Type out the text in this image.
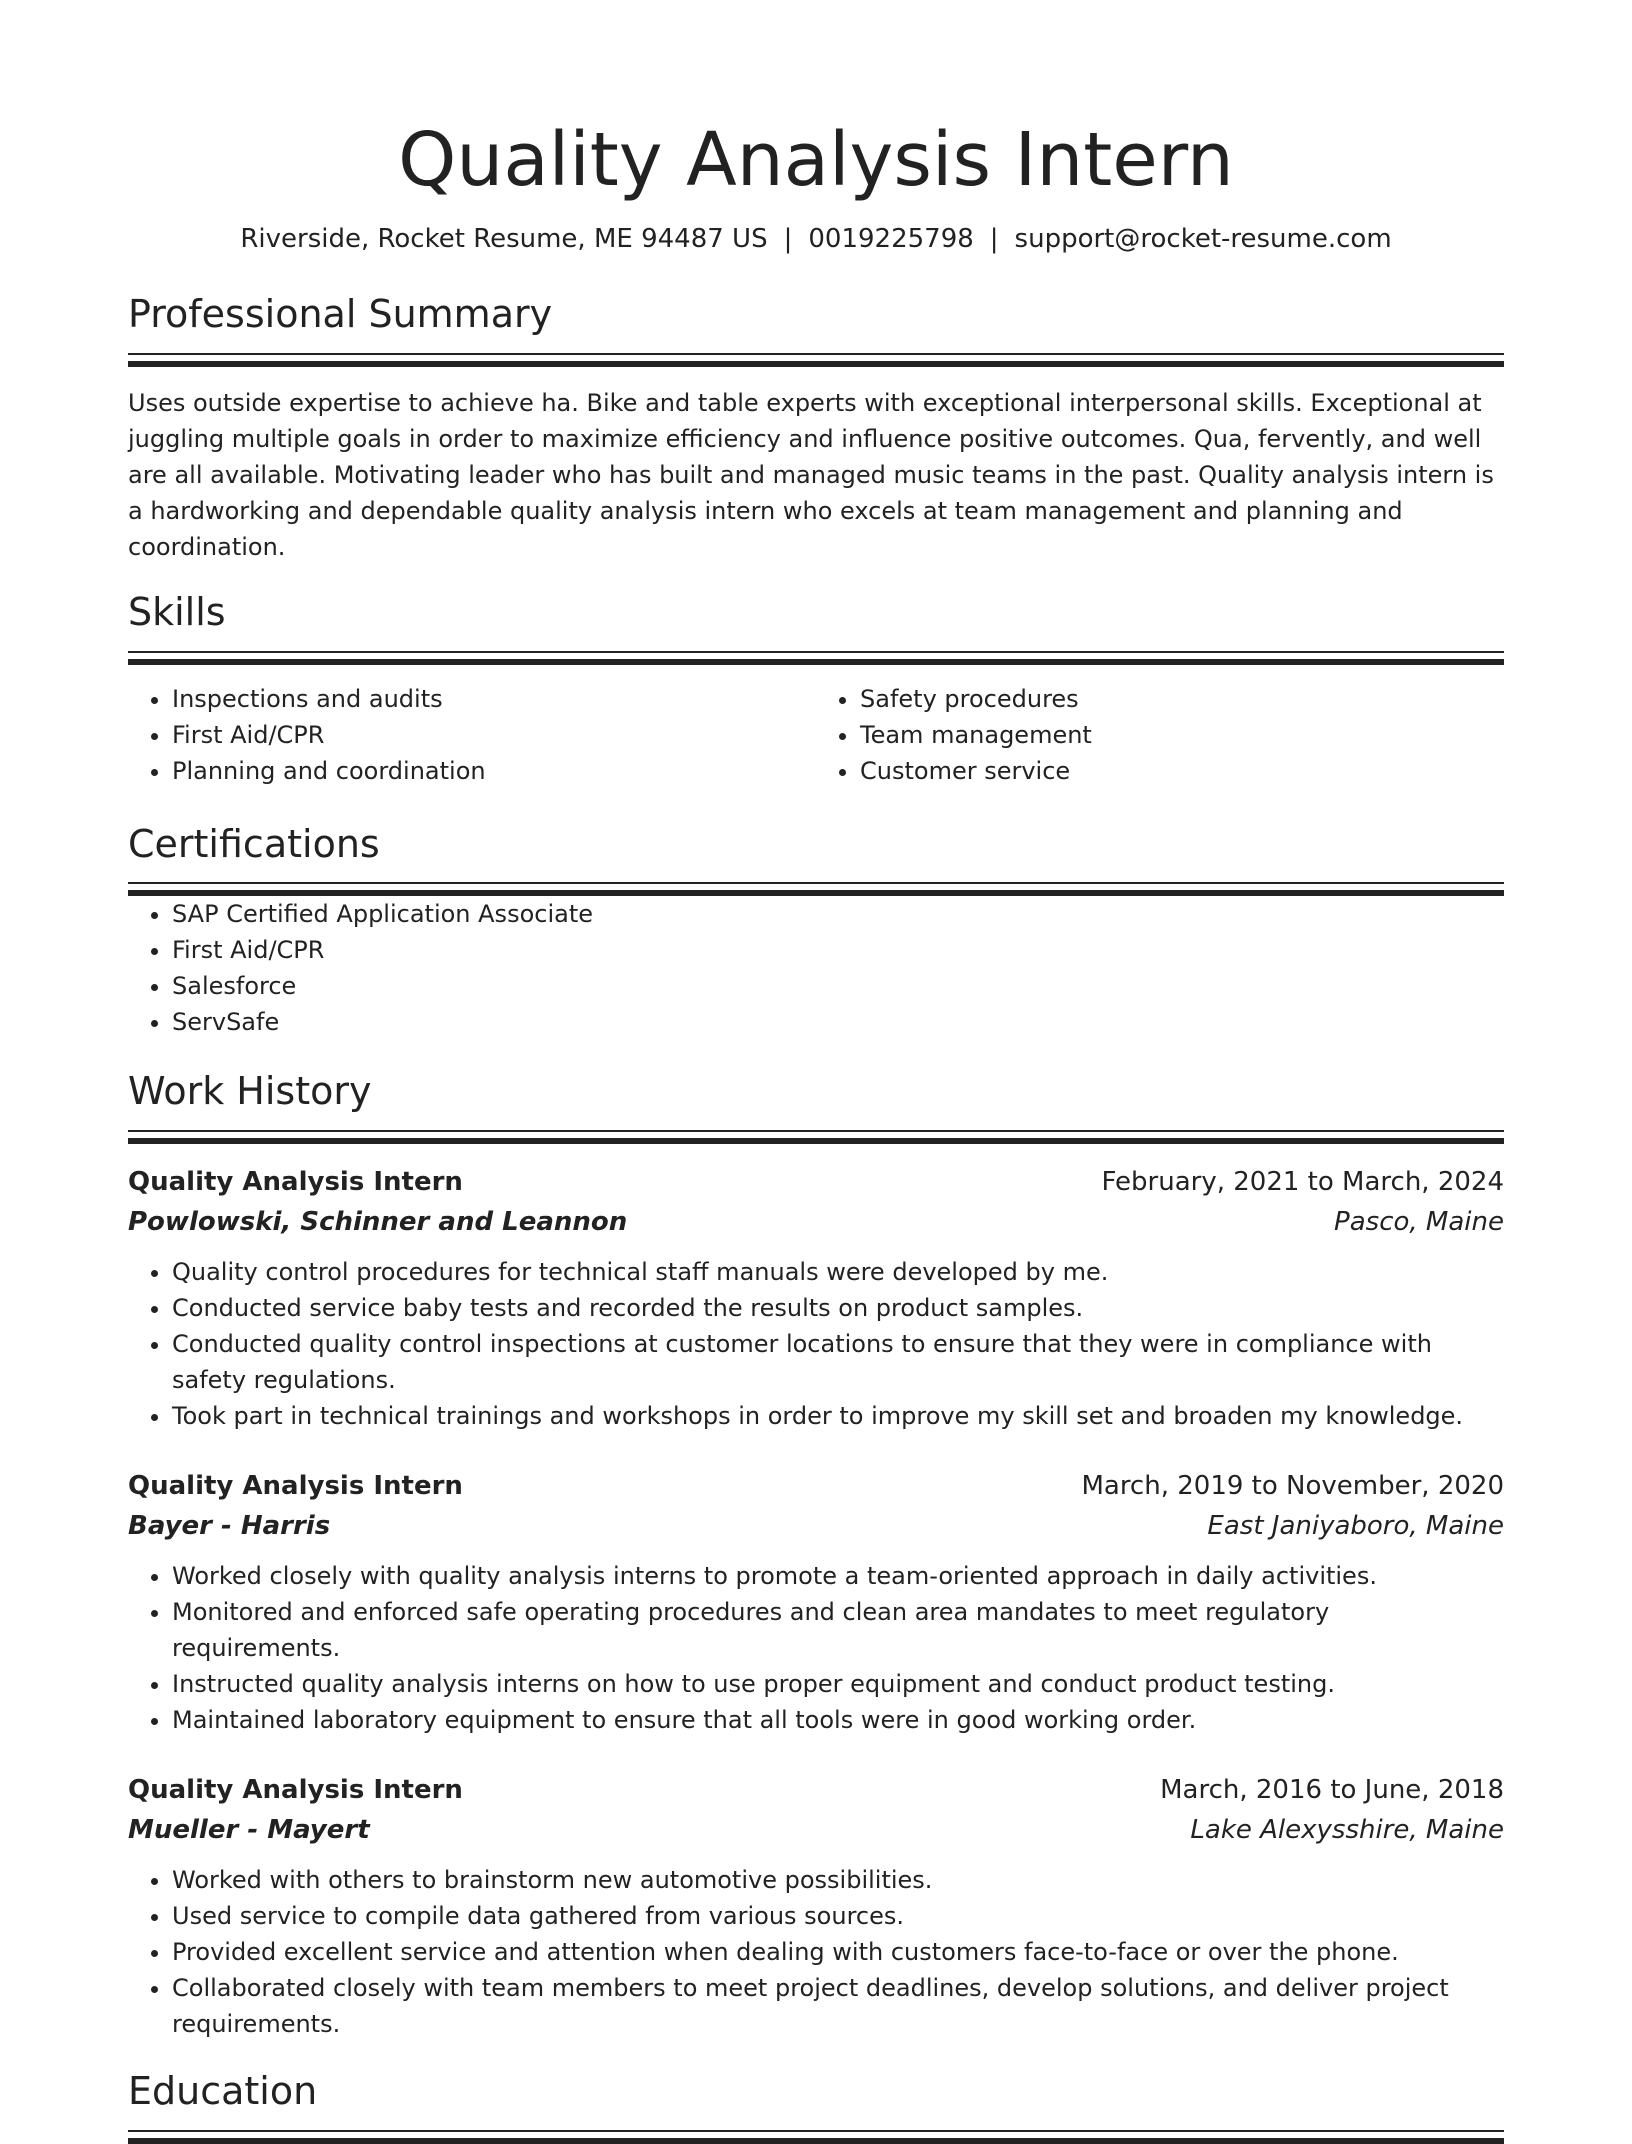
Quality Analysis Intern
Riverside, Rocket Resume, ME 94487 US | 0019225798 | support@rocket-resume.com
Professional Summary

Uses outside expertise to achieve ha. Bike and table experts with exceptional interpersonal skills. Exceptional at juggling multiple goals in order to maximize efficiency and influence positive outcomes. Qua, fervently, and well are all available. Motivating leader who has built and managed music teams in the past. Quality analysis intern is a hardworking and dependable quality analysis intern who excels at team management and planning and coordination.

Skills
• Inspections and audits
• First Aid/CPR
• Planning and coordination
• Safety procedures
• Team management
• Customer service
Certifications
• SAP Certified Application Associate
• First Aid/CPR
• Salesforce
• ServSafe
Work History
Quality Analysis Intern	February, 2021 to March, 2024
Powlowski, Schinner and Leannon	Pasco, Maine
• Quality control procedures for technical staff manuals were developed by me.
• Conducted service baby tests and recorded the results on product samples.
• Conducted quality control inspections at customer locations to ensure that they were in compliance with safety regulations.
• Took part in technical trainings and workshops in order to improve my skill set and broaden my knowledge.
Quality Analysis Intern	March, 2019 to November, 2020
Bayer - Harris	East Janiyaboro, Maine
• Worked closely with quality analysis interns to promote a team-oriented approach in daily activities.
• Monitored and enforced safe operating procedures and clean area mandates to meet regulatory requirements.
• Instructed quality analysis interns on how to use proper equipment and conduct product testing.
• Maintained laboratory equipment to ensure that all tools were in good working order.
Quality Analysis Intern	March, 2016 to June, 2018
Mueller - Mayert	Lake Alexysshire, Maine
• Worked with others to brainstorm new automotive possibilities.
• Used service to compile data gathered from various sources.
• Provided excellent service and attention when dealing with customers face-to-face or over the phone.
• Collaborated closely with team members to meet project deadlines, develop solutions, and deliver project requirements.
Education
